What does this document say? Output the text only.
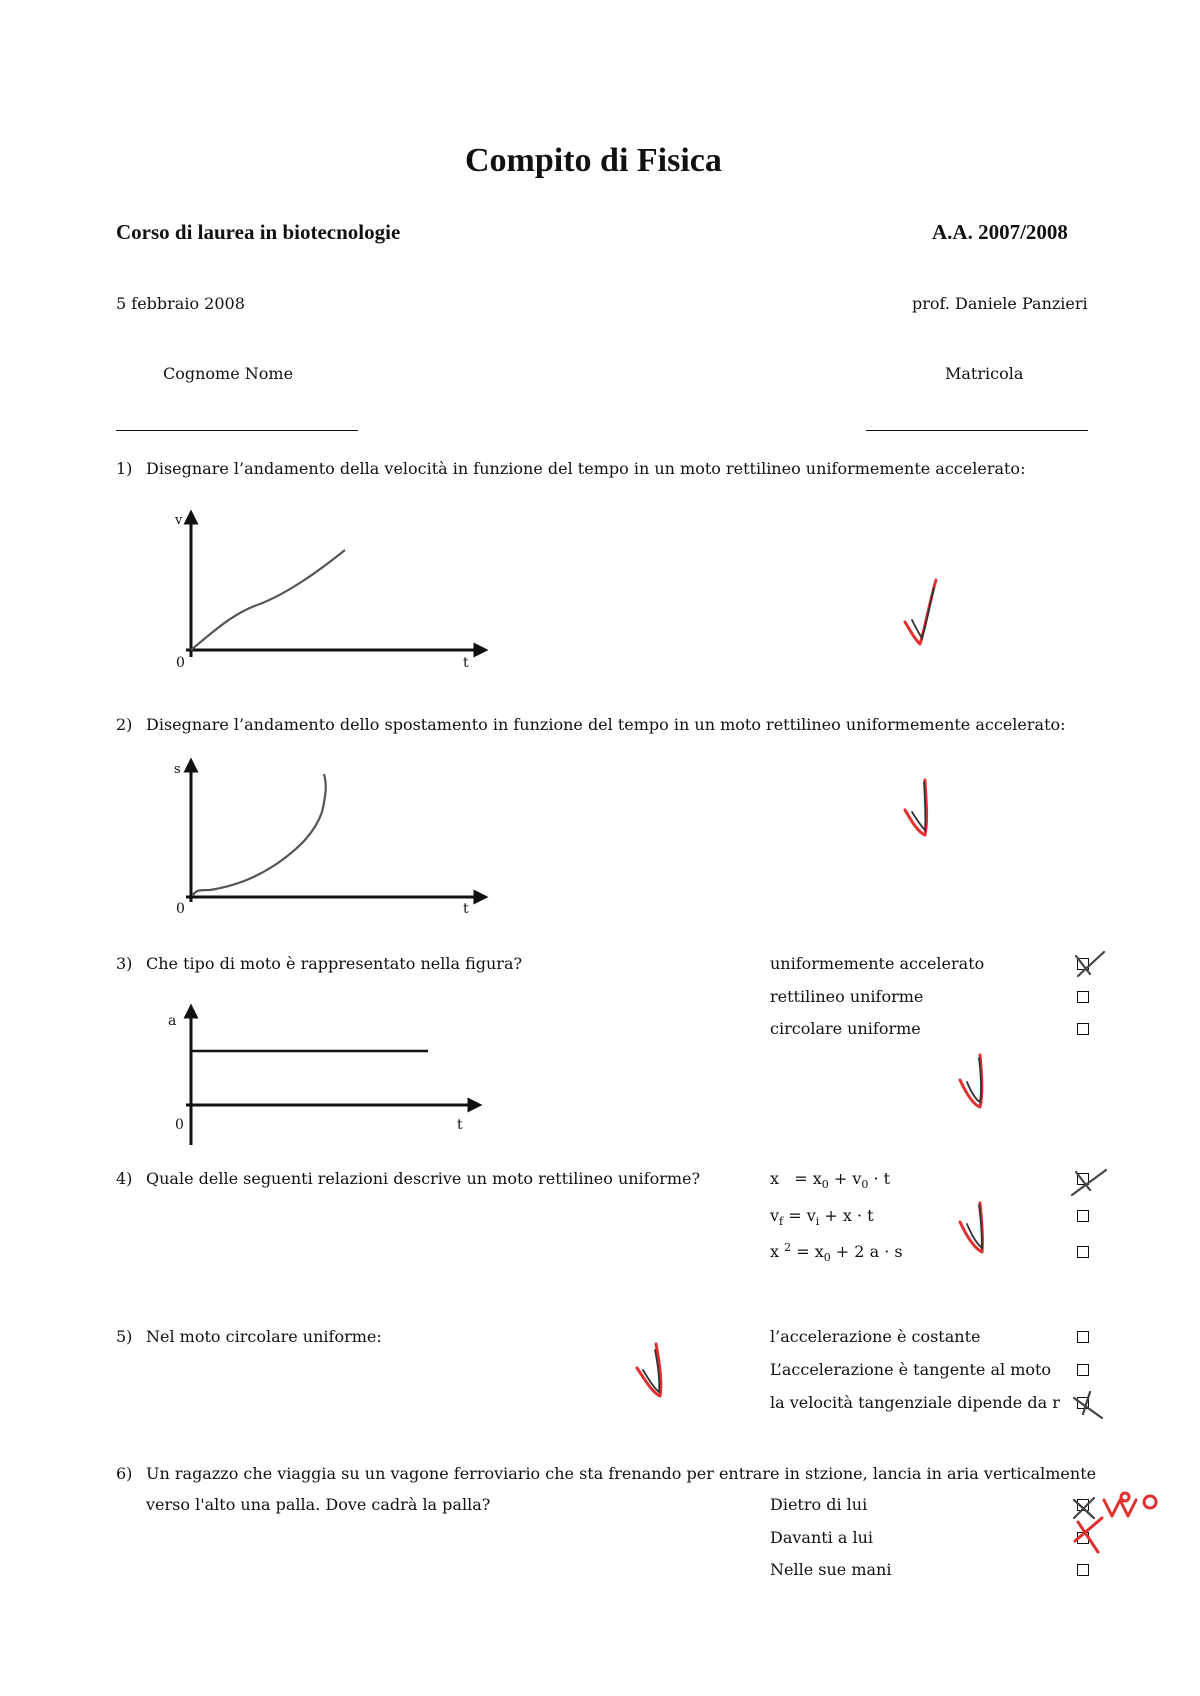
Compito di Fisica
Corso di laurea in biotecnologie	A.A. 2007/2008
5 febbraio 2008	prof. Daniele Panzieri
Cognome Nome	Matricola
1) Disegnare l’andamento della velocità in funzione del tempo in un moto rettilineo uniformemente accelerato:
v
0	t
2) Disegnare l’andamento dello spostamento in funzione del tempo in un moto rettilineo uniformemente accelerato:
s
0	t
3) Che tipo di moto è rappresentato nella figura?
a
0	t
uniformemente accelerato
rettilineo uniforme
circolare uniforme
4) Quale delle seguenti relazioni descrive un moto rettilineo uniforme?	$x = x_0 + v_0 \cdot t$
$v_f = v_i + x \cdot t$
x $^2 = x_0 + 2$ a · s
5) Nel moto circolare uniforme:	l’accelerazione è costante
L’accelerazione è tangente al moto
la velocità tangenziale dipende da r
6) Un ragazzo che viaggia su un vagone ferroviario che sta frenando per entrare in stzione, lancia in aria verticalmente
verso l'alto una palla. Dove cadrà la palla?	Dietro di lui
Davanti a lui
Nelle sue mani
